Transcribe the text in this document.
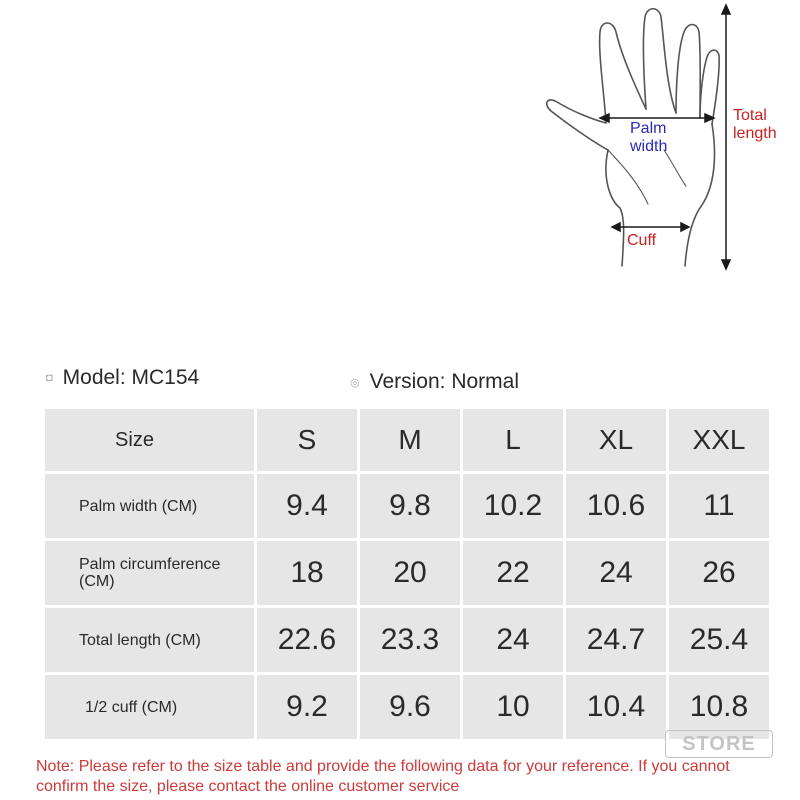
Palm width
Total length
Cuff
◘ Model: MC154	◎ Version: Normal
Size	S	M	L	XL	XXL
Palm width (CM)	9.4	9.8	10.2	10.6	11
Palm circumference (CM)	18	20	22	24	26
Total length (CM)	22.6	23.3	24	24.7	25.4
1/2 cuff (CM)	9.2	9.6	10	10.4	10.8
STORE
Note: Please refer to the size table and provide the following data for your reference. If you cannot confirm the size, please contact the online customer service
